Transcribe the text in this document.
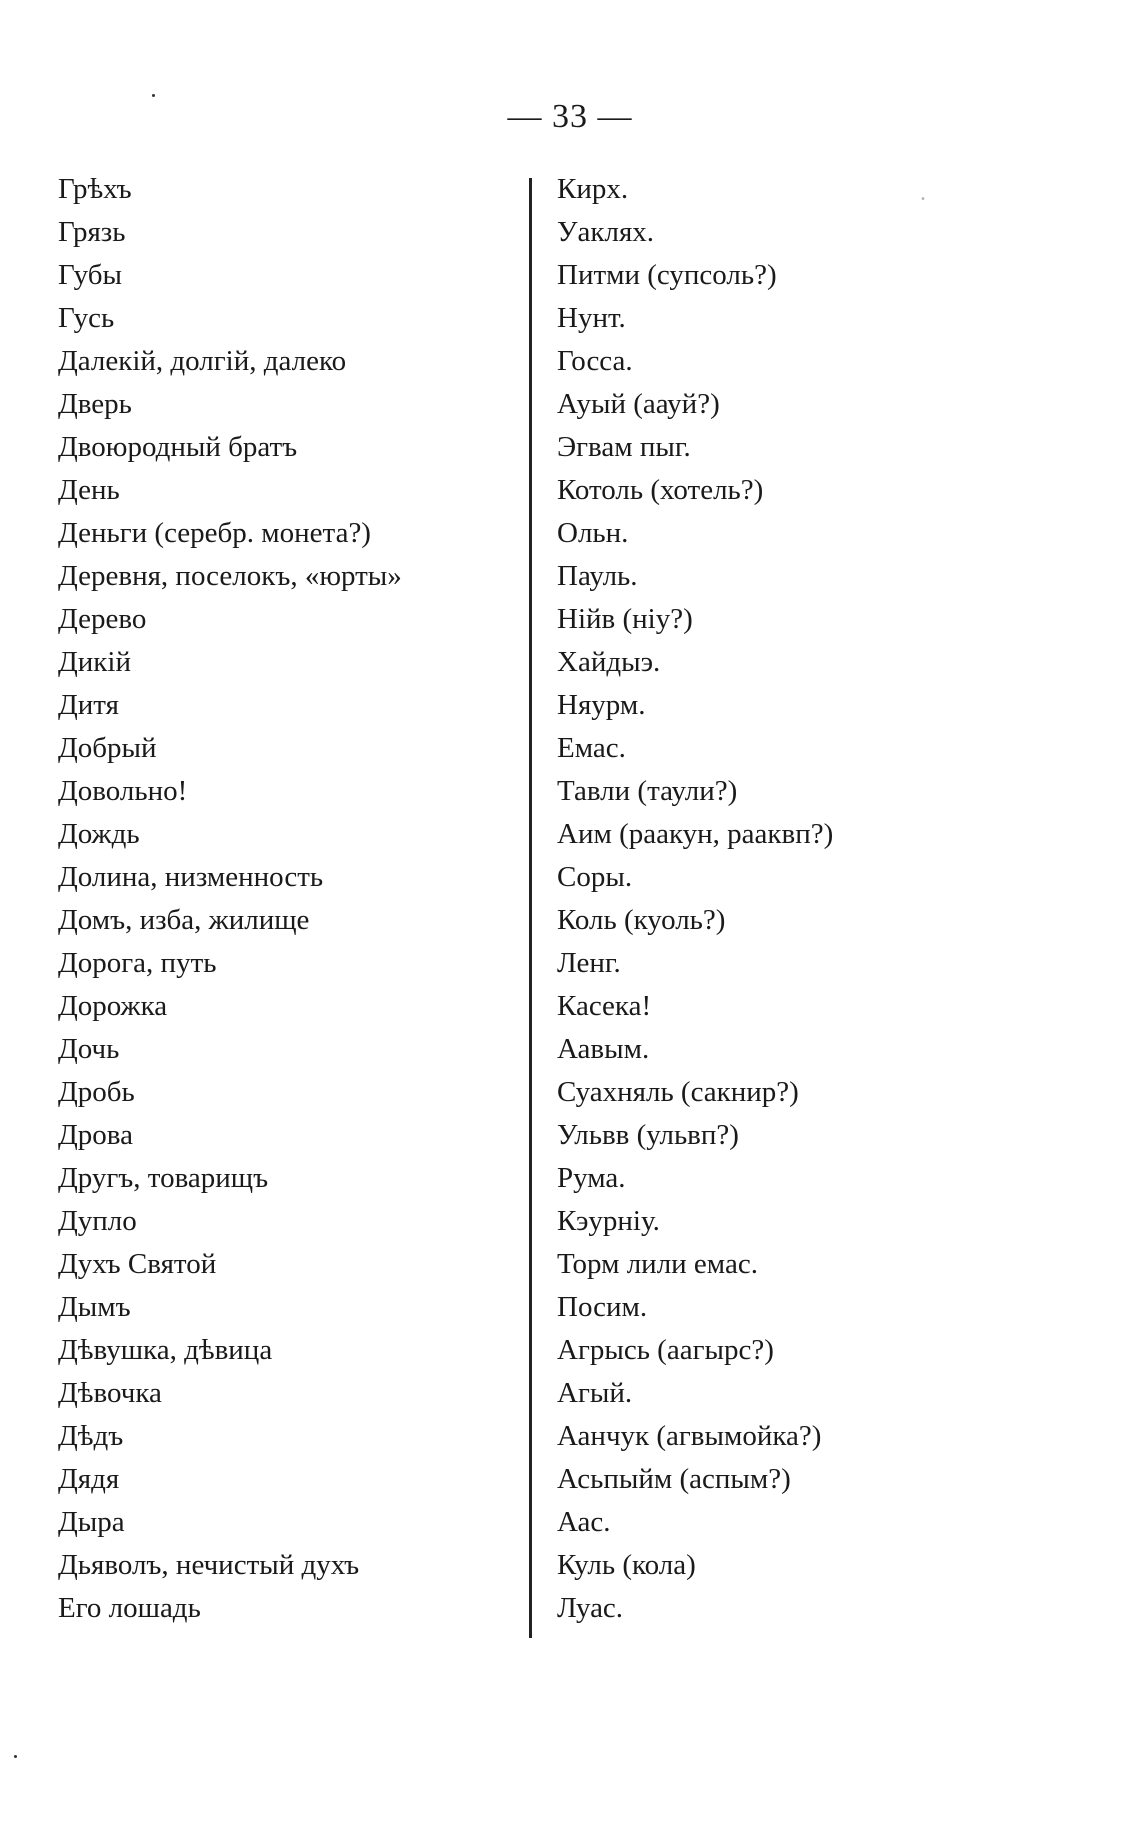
— 33 —
Грѣхъ
Грязь
Губы
Гусь
Далекій, долгій, далеко
Дверь
Двоюродный братъ
День
Деньги (серебр. монета?)
Деревня, поселокъ, «юрты»
Дерево
Дикій
Дитя
Добрый
Довольно!
Дождь
Долина, низменность
Домъ, изба, жилище
Дорога, путь
Дорожка
Дочь
Дробь
Дрова
Другъ, товарищъ
Дупло
Духъ Святой
Дымъ
Дѣвушка, дѣвица
Дѣвочка
Дѣдъ
Дядя
Дыра
Дьяволъ, нечистый духъ
Его лошадь
Кирх.
Уаклях.
Питми (супсоль?)
Нунт.
Госса.
Ауый (аауй?)
Эгвам пыг.
Котоль (хотель?)
Ольн.
Пауль.
Нійв (ніу?)
Хайдыэ.
Няурм.
Емас.
Тавли (таули?)
Аим (раакун, рааквп?)
Соры.
Коль (куоль?)
Ленг.
Касека!
Аавым.
Суахняль (сакнир?)
Ульвв (ульвп?)
Рума.
Кэурніу.
Торм лили емас.
Посим.
Агрысь (аагырс?)
Агый.
Аанчук (агвымойка?)
Асьпыйм (аспым?)
Аас.
Куль (кола)
Луас.
.
